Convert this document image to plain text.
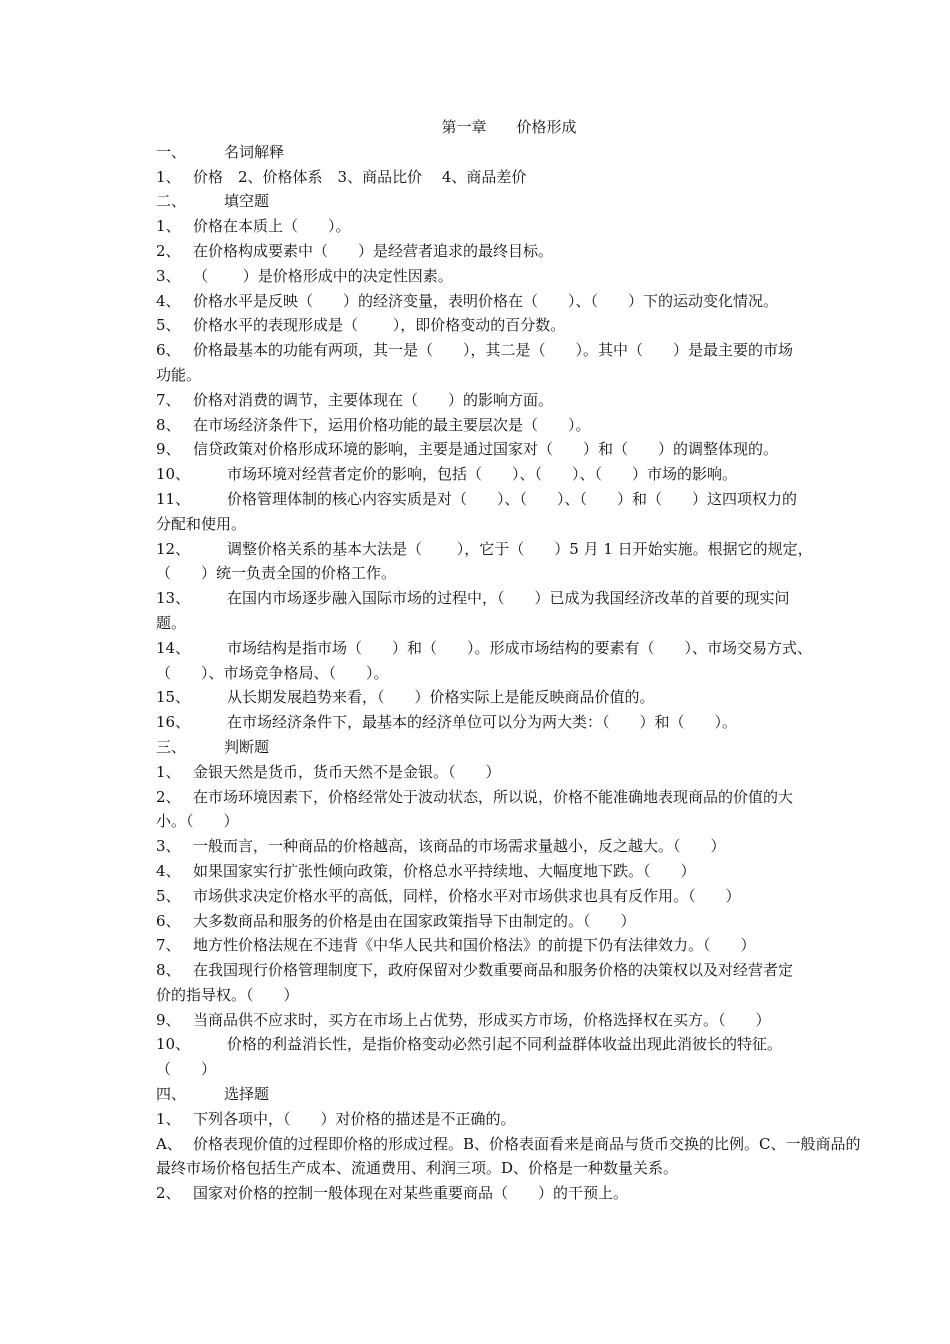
第一章　　价格形成

一、	名词解释
1、 价格　2、价格体系　3、商品比价　 4、商品差价
二、	填空题
1、 价格在本质上（　　）。
2、 在价格构成要素中（　　）是经营者追求的最终目标。
3、 （　　 ）是价格形成中的决定性因素。
4、 价格水平是反映（　　）的经济变量，表明价格在（　　）、（　　）下的运动变化情况。
5、 价格水平的表现形成是（　　 ），即价格变动的百分数。
6、 价格最基本的功能有两项，其一是（　　），其二是（　　）。其中（　　）是最主要的市场

功能。

7、 价格对消费的调节，主要体现在（　　）的影响方面。
8、 在市场经济条件下，运用价格功能的最主要层次是（　　）。
9、 信贷政策对价格形成环境的影响，主要是通过国家对（　　）和（　　）的调整体现的。
10、	市场环境对经营者定价的影响，包括（　　）、（　　）、（　　）市场的影响。
11、	价格管理体制的核心内容实质是对（　　）、（　　）、（　　）和（　　）这四项权力的

分配和使用。

12、	调整价格关系的基本大法是（　　 ），它于（　　）5 月 1 日开始实施。根据它的规定，

（　　）统一负责全国的价格工作。

13、	在国内市场逐步融入国际市场的过程中，（　　）已成为我国经济改革的首要的现实问

题。

14、	市场结构是指市场（　　）和（　　）。形成市场结构的要素有（　　）、市场交易方式、

（　　）、市场竞争格局、（　　）。

15、	从长期发展趋势来看，（　　）价格实际上是能反映商品价值的。
16、	在市场经济条件下，最基本的经济单位可以分为两大类：（　　）和（　　）。
三、	判断题
1、 金银天然是货币，货币天然不是金银。（　　）
2、 在市场环境因素下，价格经常处于波动状态，所以说，价格不能准确地表现商品的价值的大

小。（　　）

3、 一般而言，一种商品的价格越高，该商品的市场需求量越小，反之越大。（　　）
4、 如果国家实行扩张性倾向政策，价格总水平持续地、大幅度地下跌。（　　）
5、 市场供求决定价格水平的高低，同样，价格水平对市场供求也具有反作用。（　　）
6、 大多数商品和服务的价格是由在国家政策指导下由制定的。（　　）
7、 地方性价格法规在不违背《中华人民共和国价格法》的前提下仍有法律效力。（　　）
8、 在我国现行价格管理制度下，政府保留对少数重要商品和服务价格的决策权以及对经营者定

价的指导权。（　　）

9、 当商品供不应求时，买方在市场上占优势，形成买方市场，价格选择权在买方。（　　）
10、	价格的利益消长性，是指价格变动必然引起不同利益群体收益出现此消彼长的特征。

（　　）

四、	选择题
1、 下列各项中，（　　）对价格的描述是不正确的。
A、 价格表现价值的过程即价格的形成过程。B、价格表面看来是商品与货币交换的比例。C、一般商品的最终市场价格包括生产成本、流通费用、利润三项。D、价格是一种数量关系。
2、 国家对价格的控制一般体现在对某些重要商品（　　）的干预上。
